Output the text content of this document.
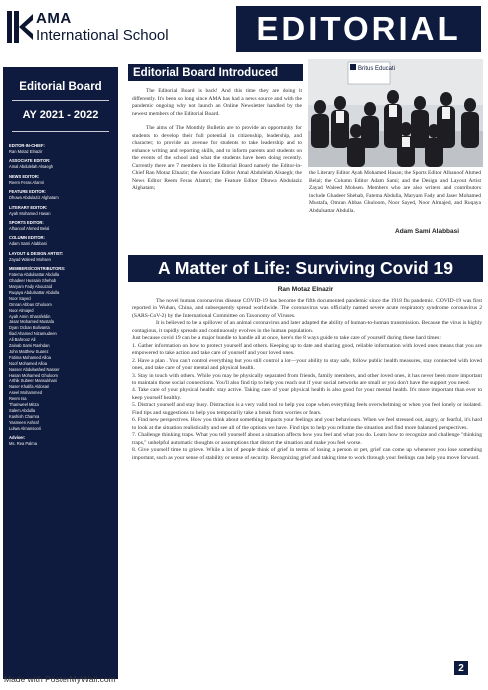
AMA
International School	EDITORIAL
Editorial Board
AY 2021 - 2022
EDITOR-IN-CHIEF:
Ran Motaz Elnazir
ASSOCIATE EDITOR:
Amal Abdulelah Alsaegh
NEWS EDITOR:
Reem Feras Alamri
FEATURE EDITOR:
Dhuwa Abdulaziz Alghatam
LITERARY EDITOR:
Ayah Mohamed Hasan
SPORTS EDITOR:
Alhanoof Ahmed Belal
COLUMN EDITOR:
Adam Sami Alabbasi
LAYOUT & DESIGN ARTIST:
Zayad Waleed Mohsen
MEMBERS/CONTRIBUTORS:
Fatema Abdulsattar Abdulla
Ghadeer Hussain Shehab
Maryam Fady Abouzaid
Ruqaya Abdulsattar Abdulla
Noor Sayed
Omran Abbas Ghuloom
Noor Almajed
Ayah Amin Sharafeldin
Jasar Mohamed Mustafa
Dyan Ocban Bolivanta
Iliad Ahamed Nizamudeen
Ali Bahrooz Ali
Zainab Sami Rashdan
John Matthew Suarez
Fatima Mohamed Alloa
Noof Mohamed Alloa
Nasser Abdulwahed Nasser
Hasan Mohamed Ghuloom
Arthik Subeer Mansukhani
Naser Khalifa Aldosari
Aseel Mohammed
Reem Isa
Thamweel Mitza
Salem Abdulla
Kashish Chamra
Yasmeen Ashraf
Lulwa Almansoori
Adviser:
Ms. Rea Palma
Editorial Board Introduced

The Editorial Board is back! And this time they are doing it differently. It's been so long since AMA has had a news source and with the pandemic ongoing why not launch an Online Newsletter handled by the newest members of the Editorial Board.

The aims of The Monthly Bulletin are to provide an opportunity for students to develop their full potential in citizenship, leadership, and character; to provide an avenue for students to take leadership and to enhance writing and reporting skills, and to inform parents and students on the events of the school and what the students have been doing recently. Currently there are 7 members in the Editorial Board namely the Editor-in-Chief Ran Motaz Elnazir; the Associate Editor Amal Abdulelah Alsaegh; the News Editor Reem Feras Alamri; the Feature Editor Dhuwa Abdulaziz Alghatam;

Britus Educati
the Literary Editor Ayah Mohamed Hasan; the Sports Editor Alhanoof Ahmed Belal; the Column Editor Adam Sami; and the Design and Layout Artist Zayad Waleed Mohsen. Members who are also writers and contributors include Ghadeer Shehab, Fatema Abdulla, Maryam Fady and Jaser Mohamed Mustafa, Omran Abbas Ghuloom, Noor Sayed, Noor Almajed, and Ruqaya Abdulsattar Abdulla.
Adam Sami Alabbasi
A Matter of Life: Surviving Covid 19
Ran Motaz Elnazir

The novel human coronavirus disease COVID-19 has become the fifth documented pandemic since the 1918 flu pandemic. COVID-19 was first reported in Wuhan, China, and subsequently spread worldwide. The coronavirus was officially named severe acute respiratory syndrome coronavirus 2 (SARS-CoV-2) by the International Committee on Taxonomy of Viruses.

It is believed to be a spillover of an animal coronavirus and later adapted the ability of human-to-human transmission. Because the virus is highly contagious, it rapidly spreads and continuously evolves in the human population.

Just because covid 19 can be a major bundle to handle all at once, here's the 8 ways guide to take care of yourself during these hard times:

1. Gather information on how to protect yourself and others. Keeping up to date and sharing good, reliable information with loved ones means that you are empowered to take action and take care of yourself and your loved ones.

2. Have a plan . You can't control everything but you still control a lot—your ability to stay safe, follow public health measures, stay connected with loved ones, and take care of your mental and physical health.

3. Stay in touch with others. While you may be physically separated from friends, family members, and other loved ones, it has never been more important to maintain those social connections. You'll also find tip to help you reach out if your social networks are small or you don't have the support you need.

4. Take care of your physical health: stay active. Taking care of your physical health is also good for your mental health. It's more important than ever to keep yourself healthy.

5. Distract yourself and stay busy. Distraction is a very valid tool to help you cope when everything feels overwhelming or when you feel lonely or isolated. Find tips and suggestions to help you temporarily take a break from worries or fears.

6. Find new perspectives. How you think about something impacts your feelings and your behaviours. When we feel stressed out, angry, or fearful, it's hard to look at the situation realistically and see all of the options we have. Find tips to help you reframe the situation and find more balanced perspectives.

7. Challenge thinking traps. What you tell yourself about a situation affects how you feel and what you do. Learn how to recognize and challenge "thinking traps," unhelpful automatic thoughts or assumptions that distort the situation and make you feel worse.

8. Give yourself time to grieve. While a lot of people think of grief in terms of losing a person or pet, grief can come up whenever you lose something important, such as your sense of stability or sense of security. Recognizing grief and taking time to work through your feelings can help you move forward.

2
Made with PosterMyWall.com
